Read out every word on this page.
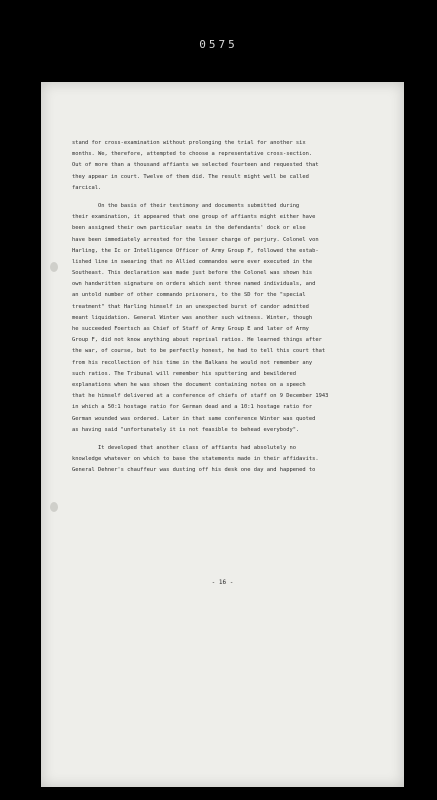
0575
stand for cross-examination without prolonging the trial for another six
months. We, therefore, attempted to choose a representative cross-section.
Out of more than a thousand affiants we selected fourteen and requested that
they appear in court. Twelve of them did. The result might well be called
farcical.
On the basis of their testimony and documents submitted during
their examination, it appeared that one group of affiants might either have
been assigned their own particular seats in the defendants' dock or else
have been immediately arrested for the lesser charge of perjury. Colonel von
Harling, the Ic or Intelligence Officer of Army Group F, followed the estab-
lished line in swearing that no Allied commandos were ever executed in the
Southeast. This declaration was made just before the Colonel was shown his
own handwritten signature on orders which sent three named individuals, and
an untold number of other commando prisoners, to the SD for the "special
treatment" that Harling himself in an unexpected burst of candor admitted
meant liquidation. General Winter was another such witness. Winter, though
he succeeded Foertsch as Chief of Staff of Army Group E and later of Army
Group F, did not know anything about reprisal ratios. He learned things after
the war, of course, but to be perfectly honest, he had to tell this court that
from his recollection of his time in the Balkans he would not remember any
such ratios. The Tribunal will remember his sputtering and bewildered
explanations when he was shown the document containing notes on a speech
that he himself delivered at a conference of chiefs of staff on 9 December 1943
in which a 50:1 hostage ratio for German dead and a 10:1 hostage ratio for
German wounded was ordered. Later in that same conference Winter was quoted
as having said "unfortunately it is not feasible to behead everybody".
It developed that another class of affiants had absolutely no
knowledge whatever on which to base the statements made in their affidavits.
General Dehner's chauffeur was dusting off his desk one day and happened to
- 16 -
